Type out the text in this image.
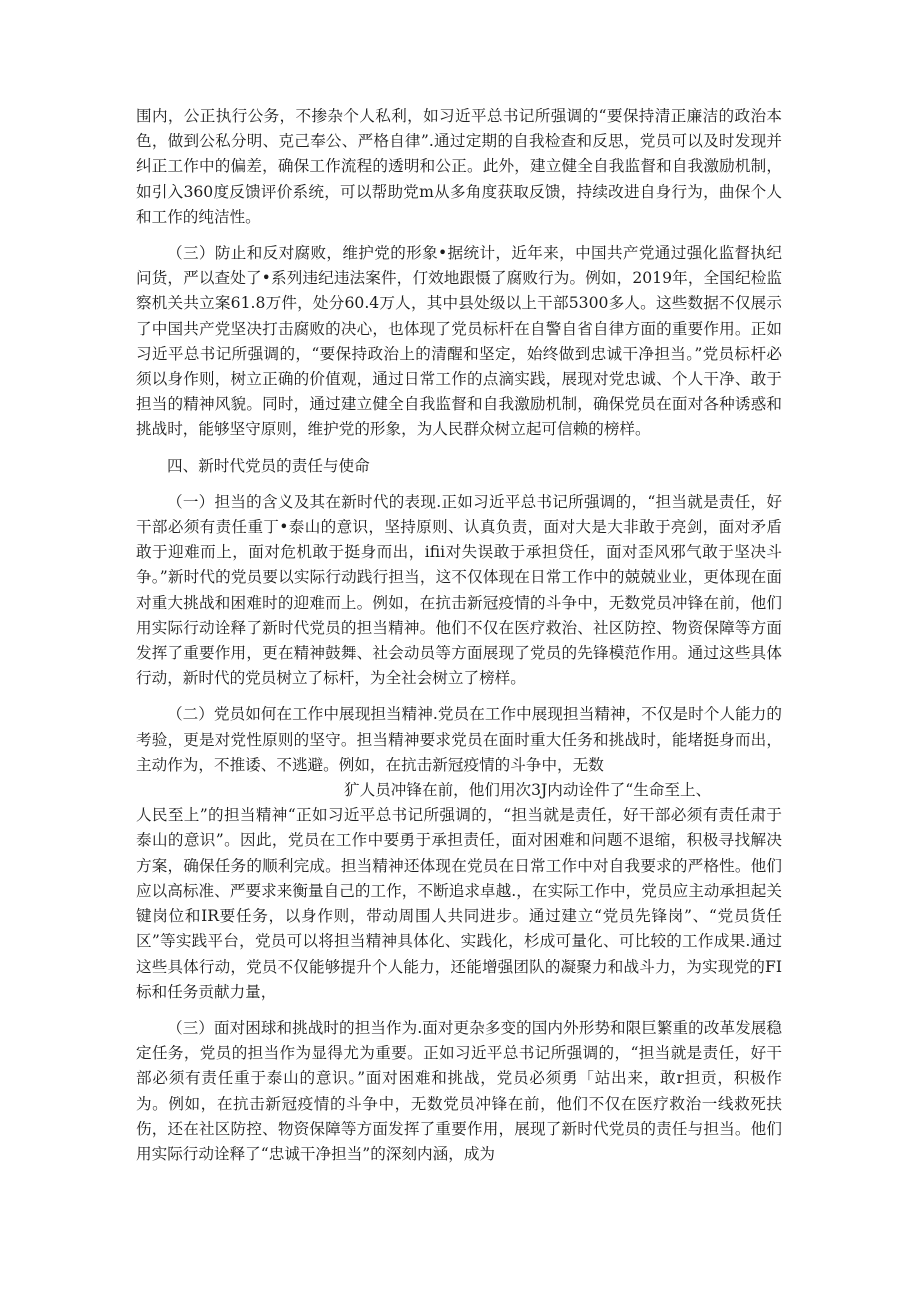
围内，公正执行公务，不掺杂个人私利，如习近平总书记所强调的“要保持清正廉洁的政治本色，做到公私分明、克己奉公、严格自律”.通过定期的自我检查和反思，党员可以及时发现并纠正工作中的偏差，确保工作流程的透明和公正。此外，建立健全自我监督和自我激励机制，如引入360度反馈评价系统，可以帮助党m从多角度获取反馈，持续改进自身行为，曲保个人和工作的纯洁性。

（三）防止和反对腐败，维护党的形象•据统计，近年来，中国共产党通过强化监督执纪问货，严以查处了•系列违纪违法案件，仃效地跟慑了腐败行为。例如，2019年，全国纪检监察机关共立案61.8万件，处分60.4万人，其中县处级以上干部5300多人。这些数据不仅展示了中国共产党坚决打击腐败的决心，也体现了党员标杆在自警自省自律方面的重要作用。正如习近平总书记所强调的，“要保持政治上的清醒和坚定，始终做到忠诚干净担当。”党员标杆必须以身作则，树立正确的价值观，通过日常工作的点滴实践，展现对党忠诚、个人干净、敢于担当的精神风貌。同时，通过建立健全自我监督和自我激励机制，确保党员在面对各种诱惑和挑战时，能够坚守原则，维护党的形象，为人民群众树立起可信赖的榜样。

四、新时代党员的责任与使命

（一）担当的含义及其在新时代的表现.正如习近平总书记所强调的，“担当就是责任，好干部必须有责任重丁•泰山的意识，坚持原则、认真负责，面对大是大非敢于亮剑，面对矛盾敢于迎难而上，面对危机敢于挺身而出，ifii对失误敢于承担贷任，面对歪风邪气敢于坚决斗争。”新时代的党员要以实际行动践行担当，这不仅体现在日常工作中的兢兢业业，更体现在面对重大挑战和困难时的迎难而上。例如，在抗击新冠疫情的斗争中，无数党员冲锋在前，他们用实际行动诠释了新时代党员的担当精神。他们不仅在医疗救治、社区防控、物资保障等方面发挥了重要作用，更在精神鼓舞、社会动员等方面展现了党员的先锋模范作用。通过这些具体行动，新时代的党员树立了标杆，为全社会树立了榜样。

（二）党员如何在工作中展现担当精神.党员在工作中展现担当精神，不仅是时个人能力的考验，更是对党性原则的坚守。担当精神要求党员在面时重大任务和挑战时，能堵挺身而出，主动作为，不推诿、不逃避。例如，在抗击新冠疫情的斗争中，无数

犷人员冲锋在前，他们用次3J内动诠件了“生命至上、

人民至上”的担当精神“正如习近平总书记所强调的，“担当就是责任，好干部必须有责任肃于泰山的意识”。因此，党员在工作中要勇于承担责任，面对困难和问题不退缩，积极寻找解决方案，确保任务的顺利完成。担当精神还体现在党员在日常工作中对自我要求的严格性。他们应以高标准、严要求来衡量自己的工作，不断追求卓越.，在实际工作中，党员应主动承担起关键岗位和IR要任务，以身作则，带动周围人共同进步。通过建立“党员先锋岗”、“党员货任区”等实践平台，党员可以将担当精神具体化、实践化，杉成可量化、可比较的工作成果.通过这些具体行动，党员不仅能够提升个人能力，还能增强团队的凝聚力和战斗力，为实现党的FI标和任务贡献力量，

（三）面对困球和挑战时的担当作为.面对更杂多变的国内外形势和限巨繁重的改革发展稳定任务，党员的担当作为显得尤为重要。正如习近平总书记所强调的，“担当就是责任，好干部必须有责任重于泰山的意识。”面对困难和挑战，党员必须勇「站出来，敢r担贡，积极作为。例如，在抗击新冠疫情的斗争中，无数党员冲锋在前，他们不仅在医疗救治一线救死扶伤，还在社区防控、物资保障等方面发挥了重要作用，展现了新时代党员的责任与担当。他们用实际行动诠释了“忠诚干净担当”的深刻内涵，成为
